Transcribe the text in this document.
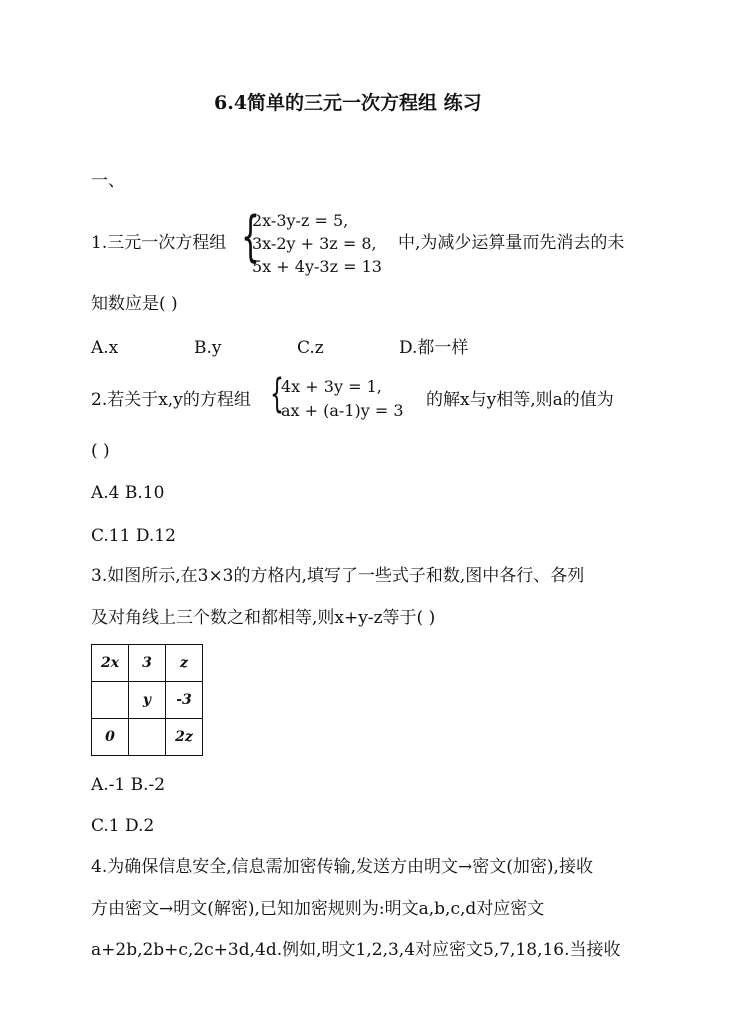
6.4简单的三元一次方程组 练习
一、
1.三元一次方程组 {
2x-3y-z = 5,
3x-2y + 3z = 8,
5x + 4y-3z = 13
中,为减少运算量而先消去的未
知数应是( )
A.x	B.y	C.z	D.都一样
2.若关于x,y的方程组 {
4x + 3y = 1,
ax + (a-1)y = 3
的解x与y相等,则a的值为
( )
A.4 B.10
C.11 D.12
3.如图所示,在3×3的方格内,填写了一些式子和数,图中各行、各列
及对角线上三个数之和都相等,则x+y-z等于( )
2x	3	z
	y	-3
0		2z
A.-1 B.-2
C.1 D.2
4.为确保信息安全,信息需加密传输,发送方由明文→密文(加密),接收
方由密文→明文(解密),已知加密规则为:明文a,b,c,d对应密文
a+2b,2b+c,2c+3d,4d.例如,明文1,2,3,4对应密文5,7,18,16.当接收
